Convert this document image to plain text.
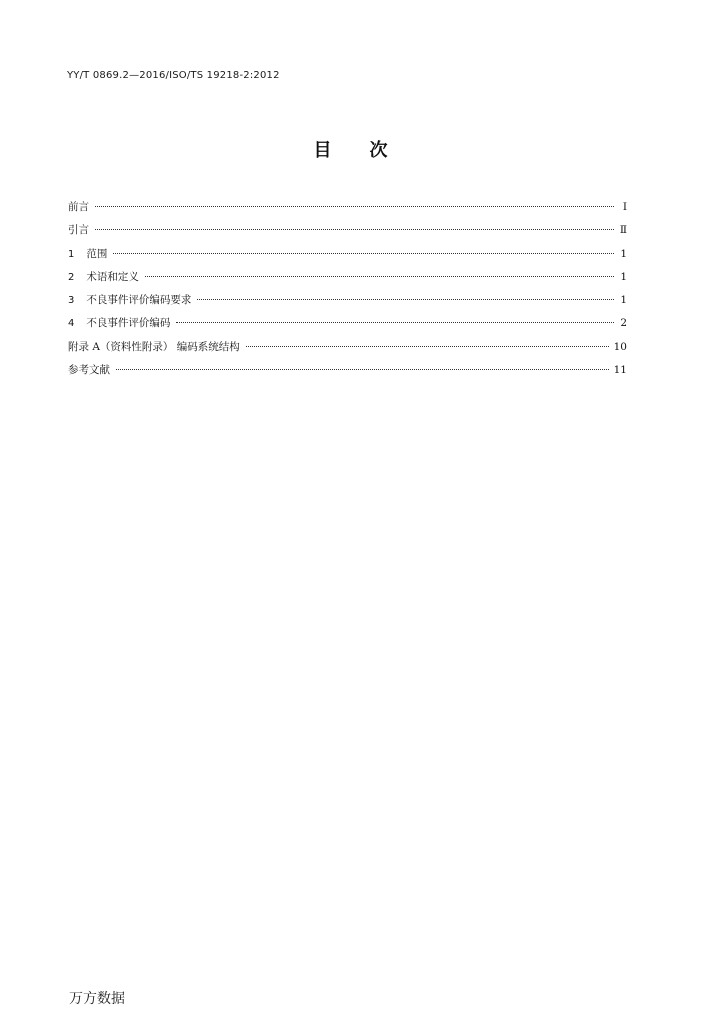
YY/T 0869.2—2016/ISO/TS 19218-2:2012
目次
前言	Ⅰ
引言	Ⅱ
1 范围	1
2 术语和定义	1
3 不良事件评价编码要求	1
4 不良事件评价编码	2
附录 A（资料性附录） 编码系统结构	10
参考文献	11
万方数据
